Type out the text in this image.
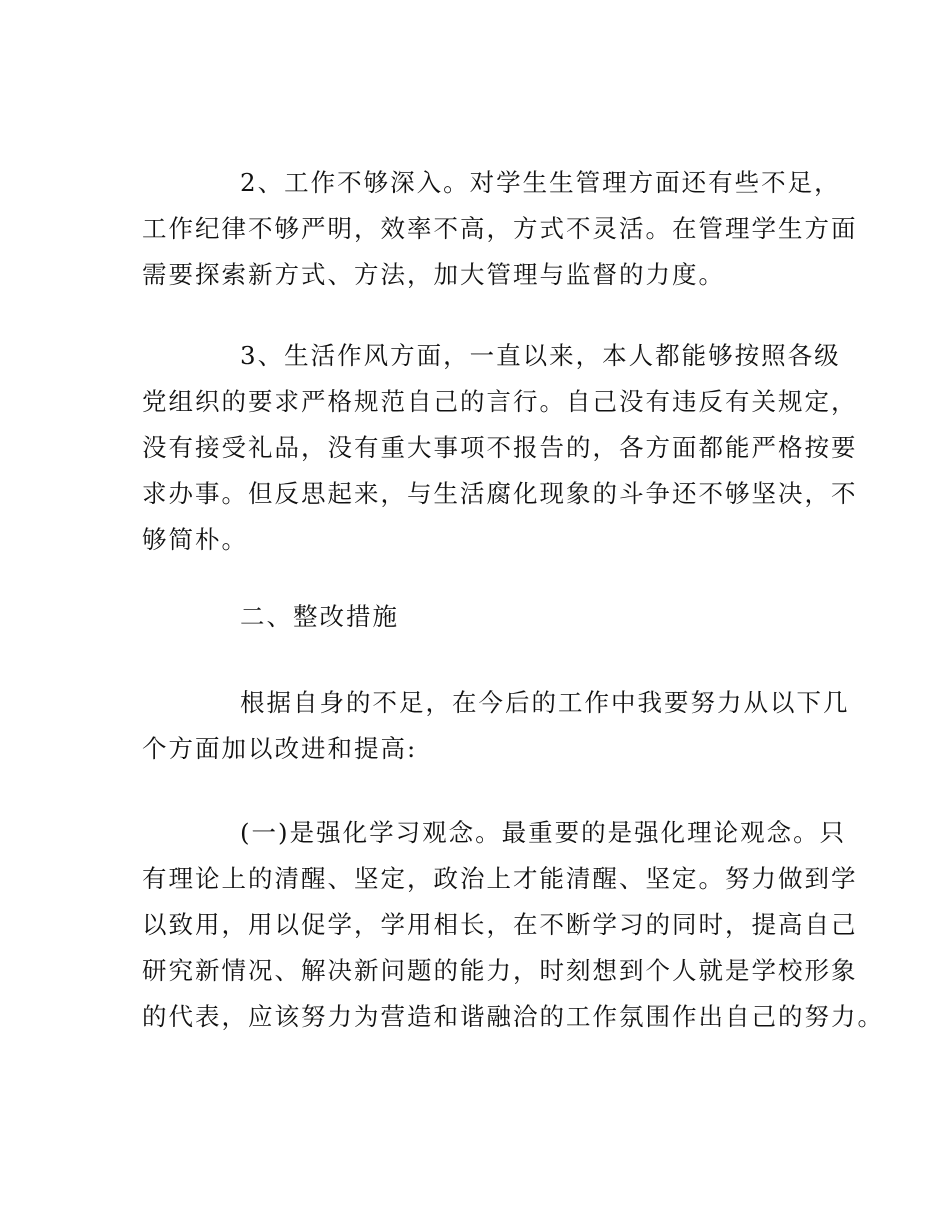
2、工作不够深入。对学生生管理方面还有些不足，
工作纪律不够严明，效率不高，方式不灵活。在管理学生方面
需要探索新方式、方法，加大管理与监督的力度。

3、生活作风方面，一直以来，本人都能够按照各级
党组织的要求严格规范自己的言行。自己没有违反有关规定，
没有接受礼品，没有重大事项不报告的，各方面都能严格按要
求办事。但反思起来，与生活腐化现象的斗争还不够坚决，不
够简朴。

二、整改措施

根据自身的不足，在今后的工作中我要努力从以下几
个方面加以改进和提高:

(一)是强化学习观念。最重要的是强化理论观念。只
有理论上的清醒、坚定，政治上才能清醒、坚定。努力做到学
以致用，用以促学，学用相长，在不断学习的同时，提高自己
研究新情况、解决新问题的能力，时刻想到个人就是学校形象
的代表，应该努力为营造和谐融洽的工作氛围作出自己的努力。
